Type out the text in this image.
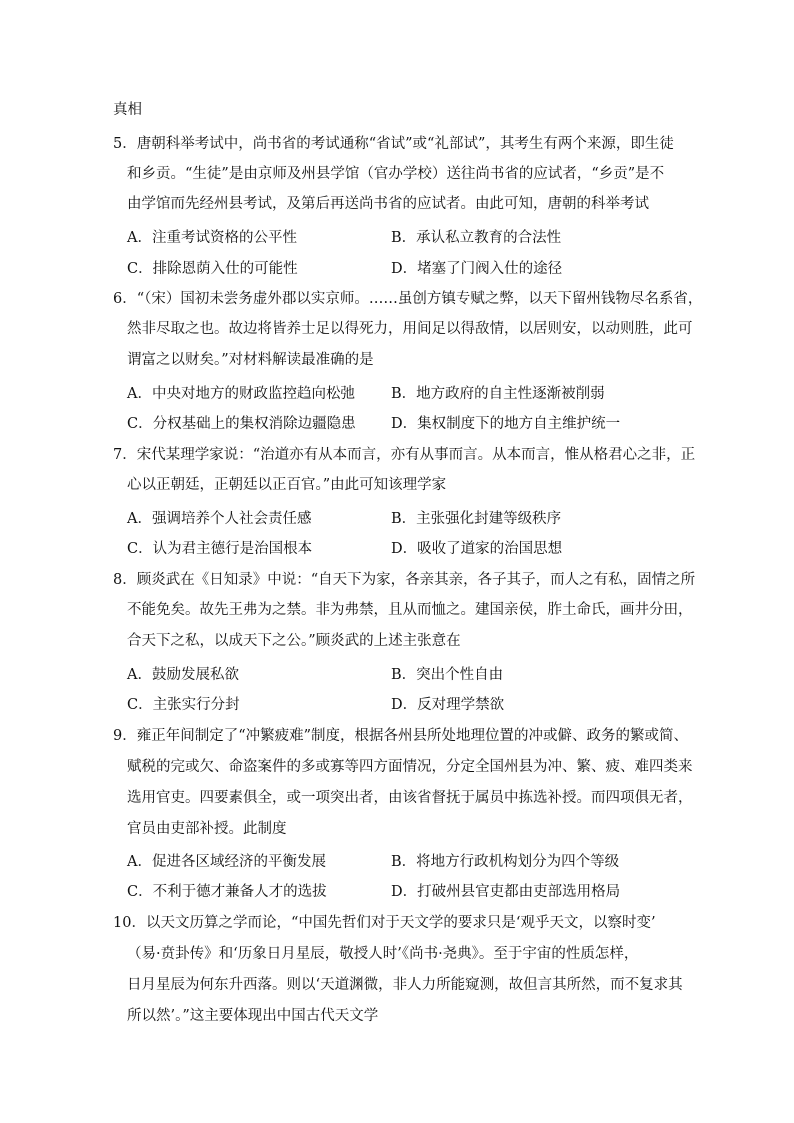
真相
5．唐朝科举考试中，尚书省的考试通称“省试”或“礼部试”，其考生有两个来源，即生徒
和乡贡。“生徒”是由京师及州县学馆（官办学校）送往尚书省的应试者，“乡贡”是不
由学馆而先经州县考试，及第后再送尚书省的应试者。由此可知，唐朝的科举考试
A．注重考试资格的公平性	B．承认私立教育的合法性
C．排除恩荫入仕的可能性	D．堵塞了门阀入仕的途径
6．“（宋）国初未尝务虚外郡以实京师。……虽创方镇专赋之弊，以天下留州钱物尽名系省，
然非尽取之也。故边将皆养士足以得死力，用间足以得敌情，以居则安，以动则胜，此可
谓富之以财矣。”对材料解读最准确的是
A．中央对地方的财政监控趋向松弛 B．地方政府的自主性逐渐被削弱
C．分权基础上的集权消除边疆隐患 D．集权制度下的地方自主维护统一
7．宋代某理学家说：“治道亦有从本而言，亦有从事而言。从本而言，惟从格君心之非，正
心以正朝廷，正朝廷以正百官。”由此可知该理学家
A．强调培养个人社会责任感	B．主张强化封建等级秩序
C．认为君主德行是治国根本	D．吸收了道家的治国思想
8．顾炎武在《日知录》中说：“自天下为家，各亲其亲，各子其子，而人之有私，固情之所
不能免矣。故先王弗为之禁。非为弗禁，且从而恤之。建国亲侯，胙土命氏，画井分田，
合天下之私，以成天下之公。”顾炎武的上述主张意在
A．鼓励发展私欲	B．突出个性自由
C．主张实行分封	D．反对理学禁欲
9．雍正年间制定了“冲繁疲难”制度，根据各州县所处地理位置的冲或僻、政务的繁或简、
赋税的完或欠、命盗案件的多或寡等四方面情况，分定全国州县为冲、繁、疲、难四类来
选用官吏。四要素俱全，或一项突出者，由该省督抚于属员中拣选补授。而四项俱无者，
官员由吏部补授。此制度
A．促进各区域经济的平衡发展	B．将地方行政机构划分为四个等级
C．不利于德才兼备人才的选拔	D．打破州县官吏都由吏部选用格局
10．以天文历算之学而论，“中国先哲们对于天文学的要求只是‘观乎天文，以察时变’
（易·贲卦传》和‘历象日月星辰，敬授人时’《尚书·尧典》。至于宇宙的性质怎样，
日月星辰为何东升西落。则以‘天道渊微，非人力所能窥测，故但言其所然，而不复求其
所以然’。”这主要体现出中国古代天文学
